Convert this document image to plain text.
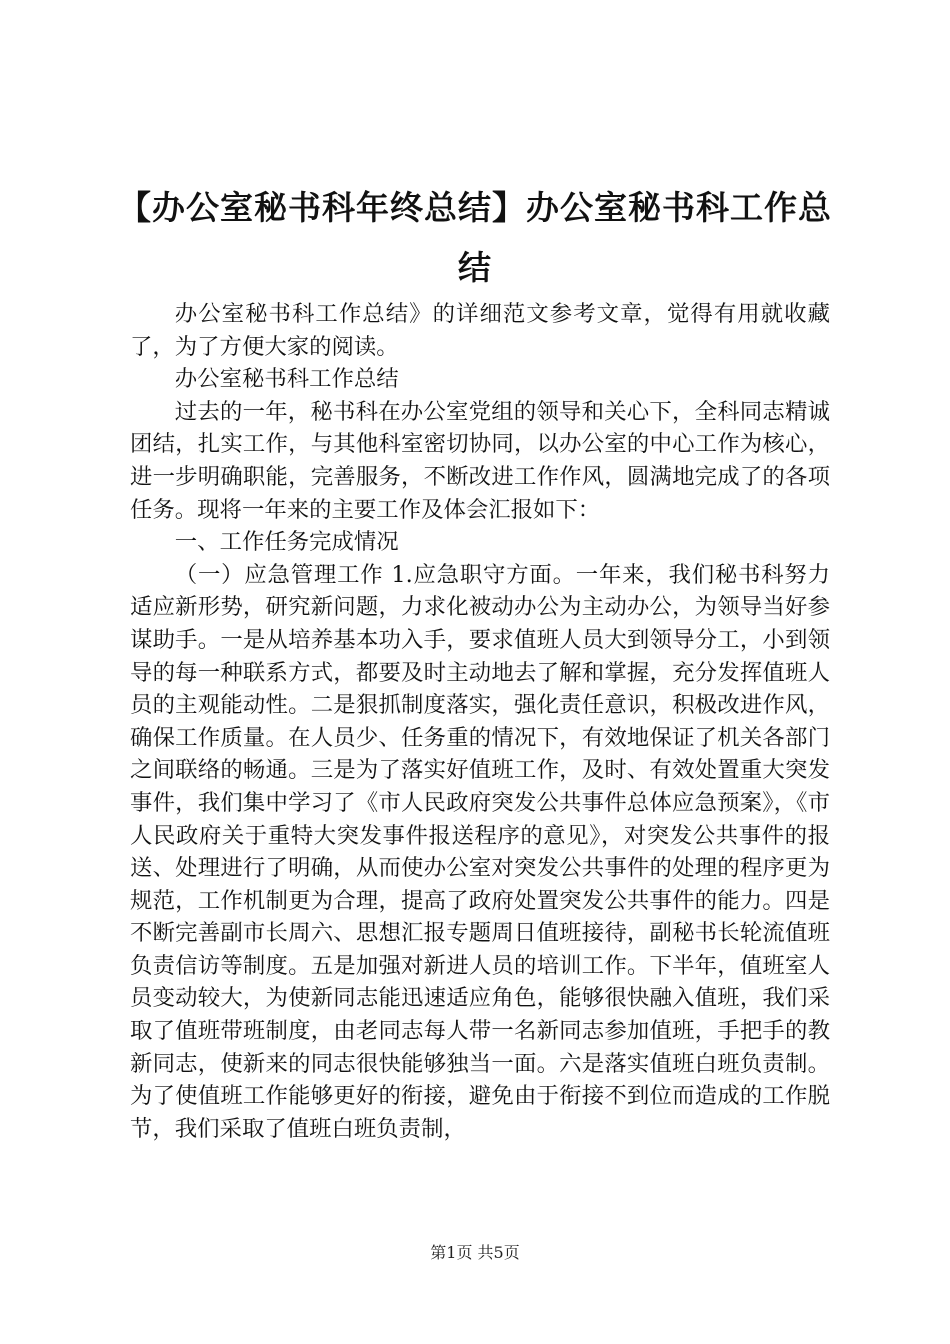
【办公室秘书科年终总结】办公室秘书科工作总结

办公室秘书科工作总结》的详细范文参考文章，觉得有用就收藏了，为了方便大家的阅读。

办公室秘书科工作总结

过去的一年，秘书科在办公室党组的领导和关心下，全科同志精诚团结，扎实工作，与其他科室密切协同，以办公室的中心工作为核心，进一步明确职能，完善服务，不断改进工作作风，圆满地完成了的各项任务。现将一年来的主要工作及体会汇报如下：

一、工作任务完成情况

（一）应急管理工作 1.应急职守方面。一年来，我们秘书科努力适应新形势，研究新问题，力求化被动办公为主动办公，为领导当好参谋助手。一是从培养基本功入手，要求值班人员大到领导分工，小到领导的每一种联系方式，都要及时主动地去了解和掌握，充分发挥值班人员的主观能动性。二是狠抓制度落实，强化责任意识，积极改进作风，确保工作质量。在人员少、任务重的情况下，有效地保证了机关各部门之间联络的畅通。三是为了落实好值班工作，及时、有效处置重大突发事件，我们集中学习了《市人民政府突发公共事件总体应急预案》，《市人民政府关于重特大突发事件报送程序的意见》，对突发公共事件的报送、处理进行了明确，从而使办公室对突发公共事件的处理的程序更为规范，工作机制更为合理，提高了政府处置突发公共事件的能力。四是不断完善副市长周六、思想汇报专题周日值班接待，副秘书长轮流值班负责信访等制度。五是加强对新进人员的培训工作。下半年，值班室人员变动较大，为使新同志能迅速适应角色，能够很快融入值班，我们采取了值班带班制度，由老同志每人带一名新同志参加值班，手把手的教新同志，使新来的同志很快能够独当一面。六是落实值班白班负责制。为了使值班工作能够更好的衔接，避免由于衔接不到位而造成的工作脱节，我们采取了值班白班负责制，

第1页 共5页
